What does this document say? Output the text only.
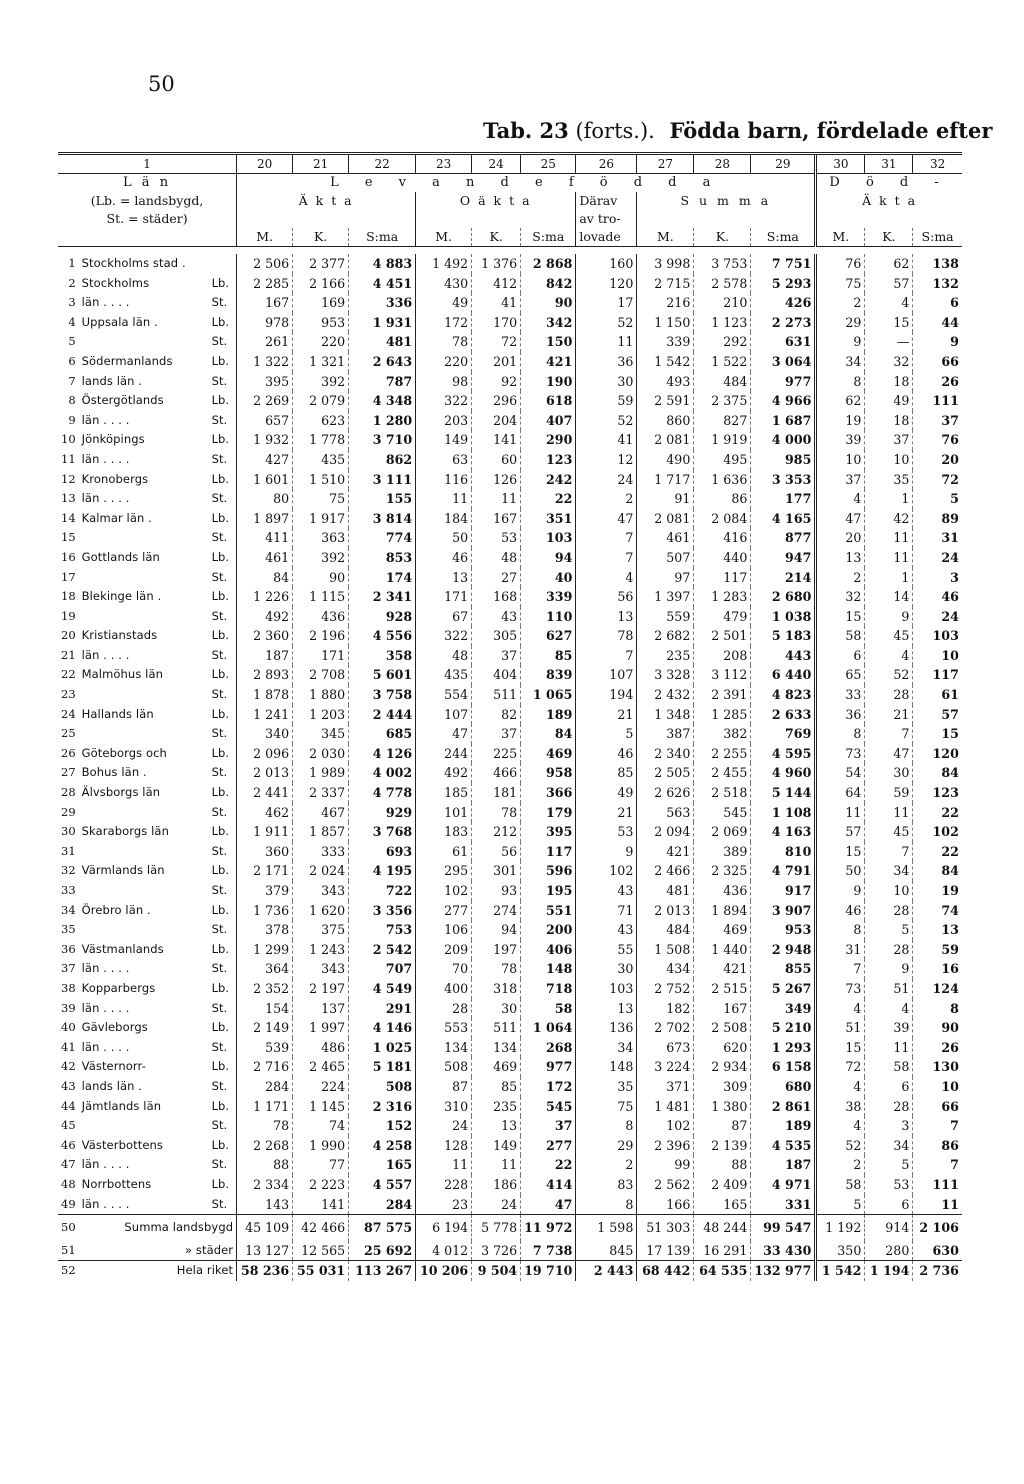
50
Tab. 23 (forts.).  Födda barn, fördelade efter
1			20	21	22	23	24	25	26	27	28	29	30	31	32
L ä n			L e v a n d e f ö d d a										D ö d -		
(Lb. = landsbygd,			Ä k t a			O ä k t a			Därav	S u m m a			Ä k t a		
St. = städer)									av tro-						
			M.	K.	S:ma	M.	K.	S:ma	lovade	M.	K.	S:ma	M.	K.	S:ma

1	Stockholms stad .		2 506	2 377	4 883	1 492	1 376	2 868	160	3 998	3 753	7 751	76	62	138
2	Stockholms	Lb.	2 285	2 166	4 451	430	412	842	120	2 715	2 578	5 293	75	57	132
3	län . . . .	St.	167	169	336	49	41	90	17	216	210	426	2	4	6
4	Uppsala län .	Lb.	978	953	1 931	172	170	342	52	1 150	1 123	2 273	29	15	44
5		St.	261	220	481	78	72	150	11	339	292	631	9	—	9
6	Södermanlands	Lb.	1 322	1 321	2 643	220	201	421	36	1 542	1 522	3 064	34	32	66
7	lands län .	St.	395	392	787	98	92	190	30	493	484	977	8	18	26
8	Östergötlands	Lb.	2 269	2 079	4 348	322	296	618	59	2 591	2 375	4 966	62	49	111
9	län . . . .	St.	657	623	1 280	203	204	407	52	860	827	1 687	19	18	37
10	Jönköpings	Lb.	1 932	1 778	3 710	149	141	290	41	2 081	1 919	4 000	39	37	76
11	län . . . .	St.	427	435	862	63	60	123	12	490	495	985	10	10	20
12	Kronobergs	Lb.	1 601	1 510	3 111	116	126	242	24	1 717	1 636	3 353	37	35	72
13	län . . . .	St.	80	75	155	11	11	22	2	91	86	177	4	1	5
14	Kalmar län .	Lb.	1 897	1 917	3 814	184	167	351	47	2 081	2 084	4 165	47	42	89
15		St.	411	363	774	50	53	103	7	461	416	877	20	11	31
16	Gottlands län	Lb.	461	392	853	46	48	94	7	507	440	947	13	11	24
17		St.	84	90	174	13	27	40	4	97	117	214	2	1	3
18	Blekinge län .	Lb.	1 226	1 115	2 341	171	168	339	56	1 397	1 283	2 680	32	14	46
19		St.	492	436	928	67	43	110	13	559	479	1 038	15	9	24
20	Kristianstads	Lb.	2 360	2 196	4 556	322	305	627	78	2 682	2 501	5 183	58	45	103
21	län . . . .	St.	187	171	358	48	37	85	7	235	208	443	6	4	10
22	Malmöhus län	Lb.	2 893	2 708	5 601	435	404	839	107	3 328	3 112	6 440	65	52	117
23		St.	1 878	1 880	3 758	554	511	1 065	194	2 432	2 391	4 823	33	28	61
24	Hallands län	Lb.	1 241	1 203	2 444	107	82	189	21	1 348	1 285	2 633	36	21	57
25		St.	340	345	685	47	37	84	5	387	382	769	8	7	15
26	Göteborgs och	Lb.	2 096	2 030	4 126	244	225	469	46	2 340	2 255	4 595	73	47	120
27	Bohus län .	St.	2 013	1 989	4 002	492	466	958	85	2 505	2 455	4 960	54	30	84
28	Älvsborgs län	Lb.	2 441	2 337	4 778	185	181	366	49	2 626	2 518	5 144	64	59	123
29		St.	462	467	929	101	78	179	21	563	545	1 108	11	11	22
30	Skaraborgs län	Lb.	1 911	1 857	3 768	183	212	395	53	2 094	2 069	4 163	57	45	102
31		St.	360	333	693	61	56	117	9	421	389	810	15	7	22
32	Värmlands län	Lb.	2 171	2 024	4 195	295	301	596	102	2 466	2 325	4 791	50	34	84
33		St.	379	343	722	102	93	195	43	481	436	917	9	10	19
34	Örebro län .	Lb.	1 736	1 620	3 356	277	274	551	71	2 013	1 894	3 907	46	28	74
35		St.	378	375	753	106	94	200	43	484	469	953	8	5	13
36	Västmanlands	Lb.	1 299	1 243	2 542	209	197	406	55	1 508	1 440	2 948	31	28	59
37	län . . . .	St.	364	343	707	70	78	148	30	434	421	855	7	9	16
38	Kopparbergs	Lb.	2 352	2 197	4 549	400	318	718	103	2 752	2 515	5 267	73	51	124
39	län . . . .	St.	154	137	291	28	30	58	13	182	167	349	4	4	8
40	Gävleborgs	Lb.	2 149	1 997	4 146	553	511	1 064	136	2 702	2 508	5 210	51	39	90
41	län . . . .	St.	539	486	1 025	134	134	268	34	673	620	1 293	15	11	26
42	Västernorr-	Lb.	2 716	2 465	5 181	508	469	977	148	3 224	2 934	6 158	72	58	130
43	lands län .	St.	284	224	508	87	85	172	35	371	309	680	4	6	10
44	Jämtlands län	Lb.	1 171	1 145	2 316	310	235	545	75	1 481	1 380	2 861	38	28	66
45		St.	78	74	152	24	13	37	8	102	87	189	4	3	7
46	Västerbottens	Lb.	2 268	1 990	4 258	128	149	277	29	2 396	2 139	4 535	52	34	86
47	län . . . .	St.	88	77	165	11	11	22	2	99	88	187	2	5	7
48	Norrbottens	Lb.	2 334	2 223	4 557	228	186	414	83	2 562	2 409	4 971	58	53	111
49	län . . . .	St.	143	141	284	23	24	47	8	166	165	331	5	6	11
50	Summa landsbygd		45 109	42 466	87 575	6 194	5 778	11 972	1 598	51 303	48 244	99 547	1 192	914	2 106
51	» städer		13 127	12 565	25 692	4 012	3 726	7 738	845	17 139	16 291	33 430	350	280	630
52	Hela riket		58 236	55 031	113 267	10 206	9 504	19 710	2 443	68 442	64 535	132 977	1 542	1 194	2 736
